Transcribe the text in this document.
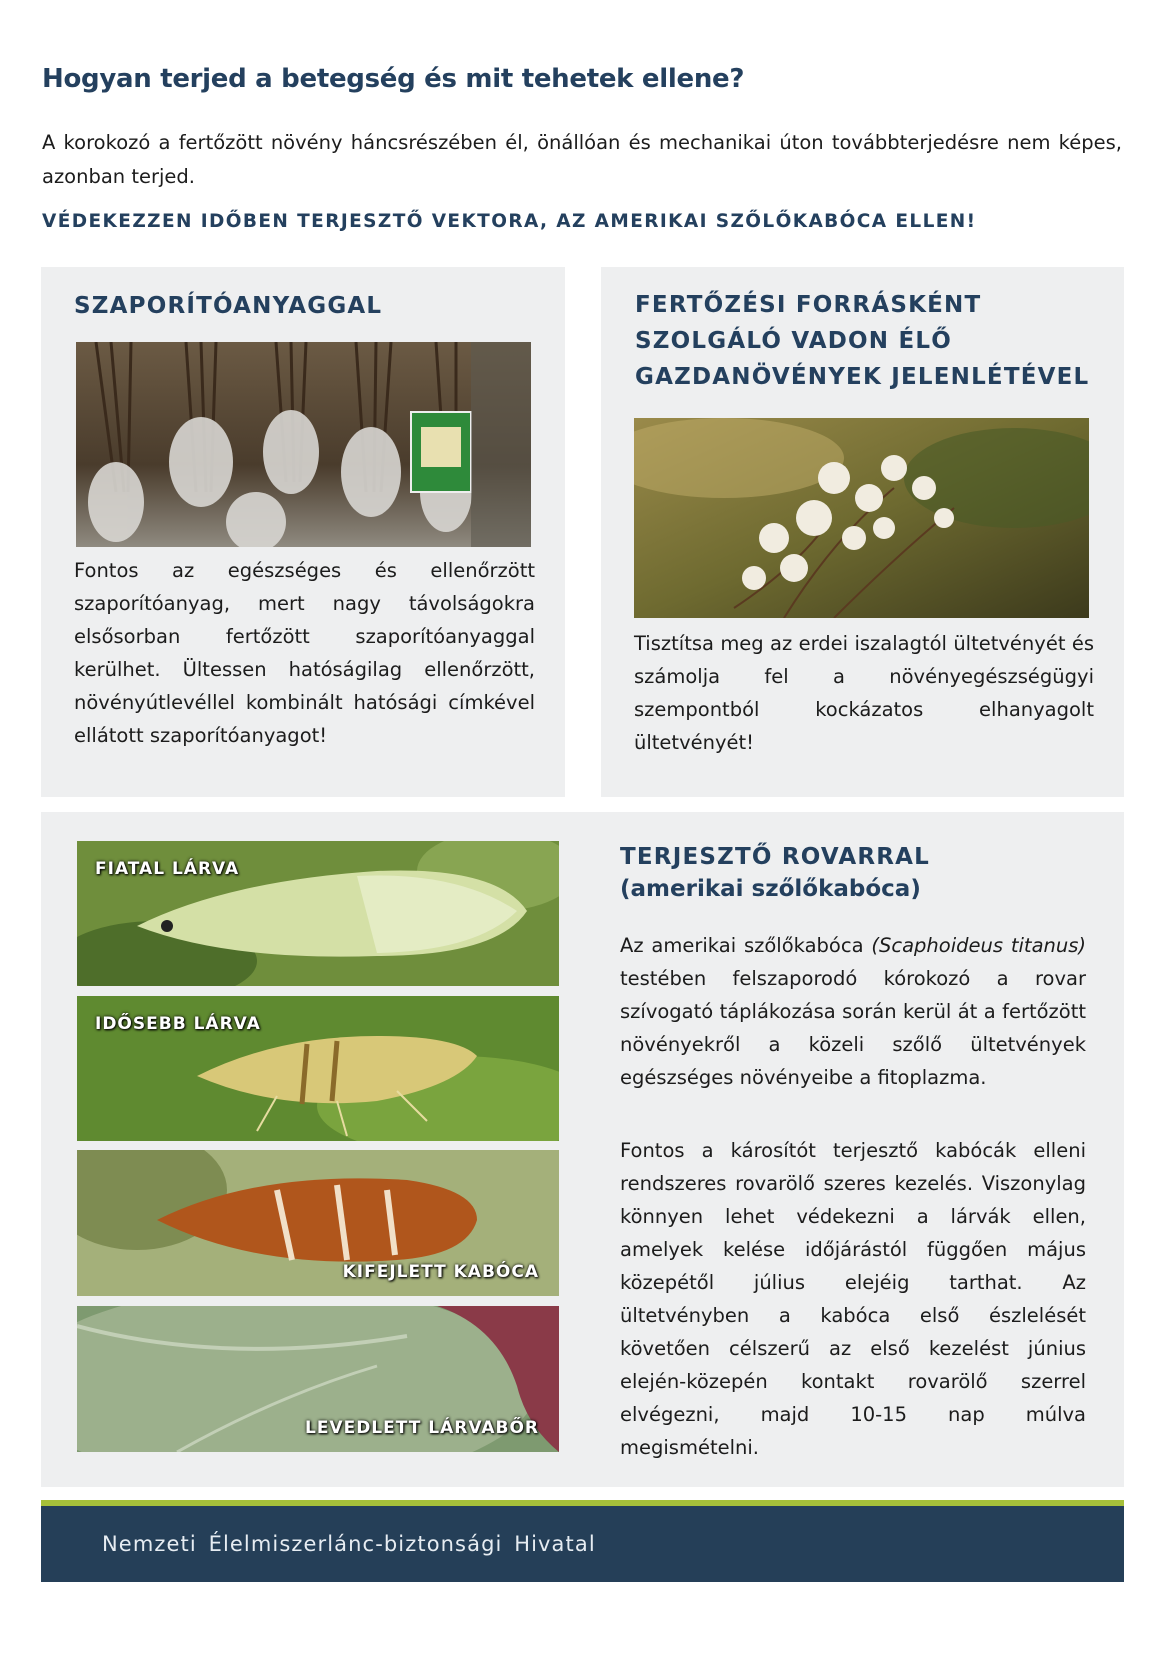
Hogyan terjed a betegség és mit tehetek ellene?

A korokozó a fertőzött növény háncsrészében él, önállóan és mechanikai úton továbbterjedésre nem képes, azonban terjed.

VÉDEKEZZEN IDŐBEN TERJESZTŐ VEKTORA, AZ AMERIKAI SZŐLŐKABÓCA ELLEN!
SZAPORÍTÓANYAGGAL

Fontos az egészséges és ellenőrzött szaporítóanyag, mert nagy távolságokra elsősorban fertőzött szaporítóanyaggal kerülhet. Ültessen hatóságilag ellenőrzött, növényútlevéllel kombinált hatósági címkével ellátott szaporítóanyagot!

FERTŐZÉSI FORRÁSKÉNT
SZOLGÁLÓ VADON ÉLŐ
GAZDANÖVÉNYEK JELENLÉTÉVEL

Tisztítsa meg az erdei iszalagtól ültetvényét és számolja fel a növényegészségügyi szempontból kockázatos elhanyagolt ültetvényét!

FIATAL LÁRVA
IDŐSEBB LÁRVA
KIFEJLETT KABÓCA
LEVEDLETT LÁRVABŐR
TERJESZTŐ ROVARRAL
(amerikai szőlőkabóca)

Az amerikai szőlőkabóca (Scaphoideus titanus) testében felszaporodó kórokozó a rovar szívogató táplákozása során kerül át a fertőzött növényekről a közeli szőlő ültetvények egészséges növényeibe a fitoplazma.

Fontos a károsítót terjesztő kabócák elleni rendszeres rovarölő szeres kezelés. Viszonylag könnyen lehet védekezni a lárvák ellen, amelyek kelése időjárástól függően május közepétől július elejéig tarthat. Az ültetvényben a kabóca első észlelését követően célszerű az első kezelést június elején-közepén kontakt rovarölő szerrel elvégezni, majd 10-15 nap múlva megismételni.

Nemzeti Élelmiszerlánc-biztonsági Hivatal
